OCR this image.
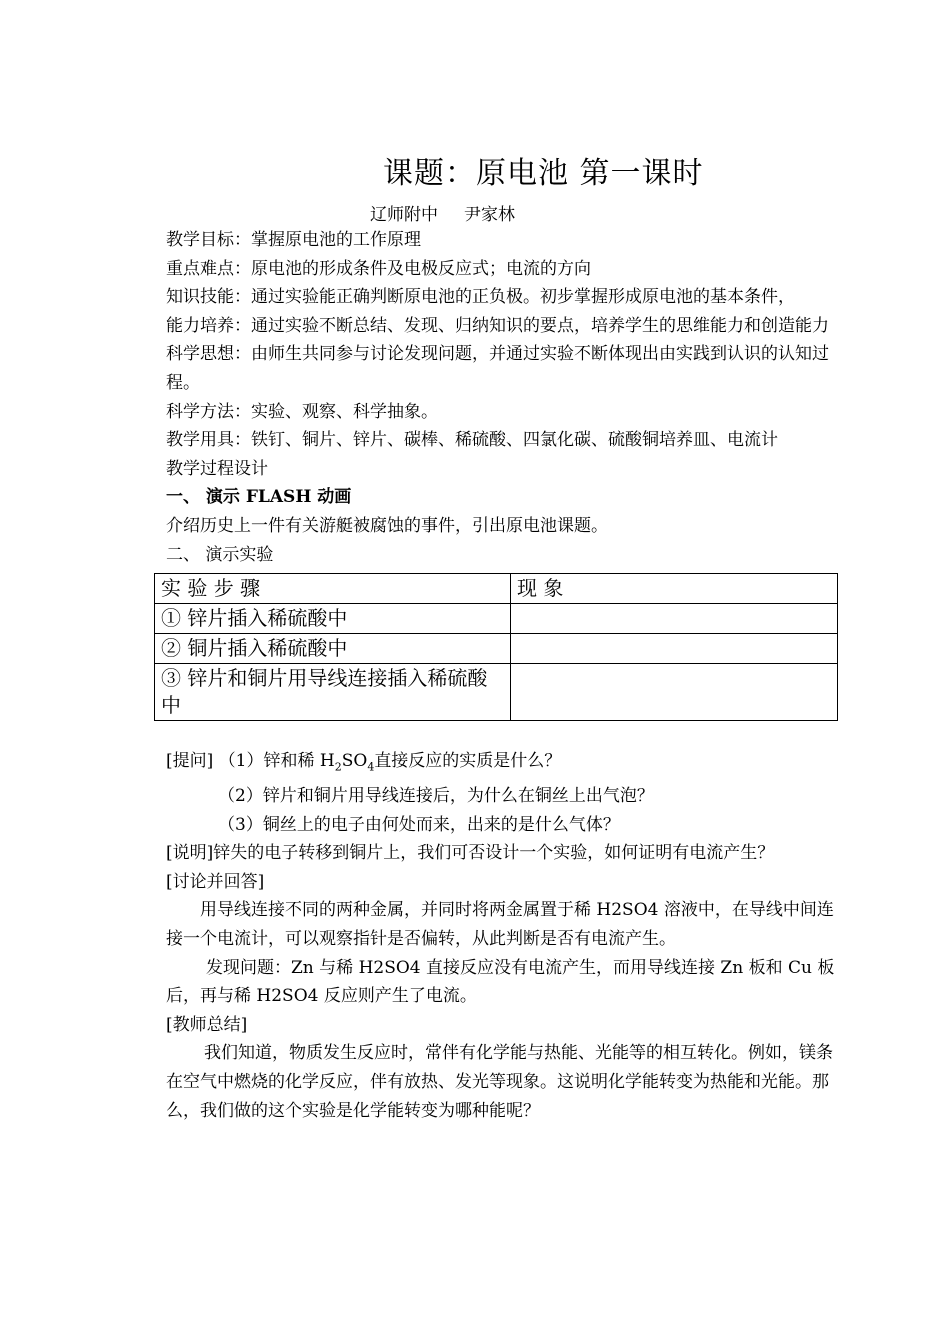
课题：原电池 第一课时
辽师附中 尹家林

教学目标：掌握原电池的工作原理

重点难点：原电池的形成条件及电极反应式；电流的方向

知识技能：通过实验能正确判断原电池的正负极。初步掌握形成原电池的基本条件，

能力培养：通过实验不断总结、发现、归纳知识的要点，培养学生的思维能力和创造能力

科学思想：由师生共同参与讨论发现问题，并通过实验不断体现出由实践到认识的认知过程。

科学方法：实验、观察、科学抽象。

教学用具：铁钉、铜片、锌片、碳棒、稀硫酸、四氯化碳、硫酸铜培养皿、电流计

教学过程设计

一、 演示 FLASH 动画

介绍历史上一件有关游艇被腐蚀的事件，引出原电池课题。

二、 演示实验

实 验 步 骤	现 象
① 锌片插入稀硫酸中	
② 铜片插入稀硫酸中	
③ 锌片和铜片用导线连接插入稀硫酸中	

[提问] （1）锌和稀 $H_2SO_4$直接反应的实质是什么？

（2）锌片和铜片用导线连接后，为什么在铜丝上出气泡？

（3）铜丝上的电子由何处而来，出来的是什么气体？

[说明]锌失的电子转移到铜片上，我们可否设计一个实验，如何证明有电流产生？

[讨论并回答]

用导线连接不同的两种金属，并同时将两金属置于稀 H2SO4 溶液中，在导线中间连接一个电流计，可以观察指针是否偏转，从此判断是否有电流产生。

发现问题：Zn 与稀 H2SO4 直接反应没有电流产生，而用导线连接 Zn 板和 Cu 板后，再与稀 H2SO4 反应则产生了电流。

[教师总结]

我们知道，物质发生反应时，常伴有化学能与热能、光能等的相互转化。例如，镁条在空气中燃烧的化学反应，伴有放热、发光等现象。这说明化学能转变为热能和光能。那么，我们做的这个实验是化学能转变为哪种能呢？
